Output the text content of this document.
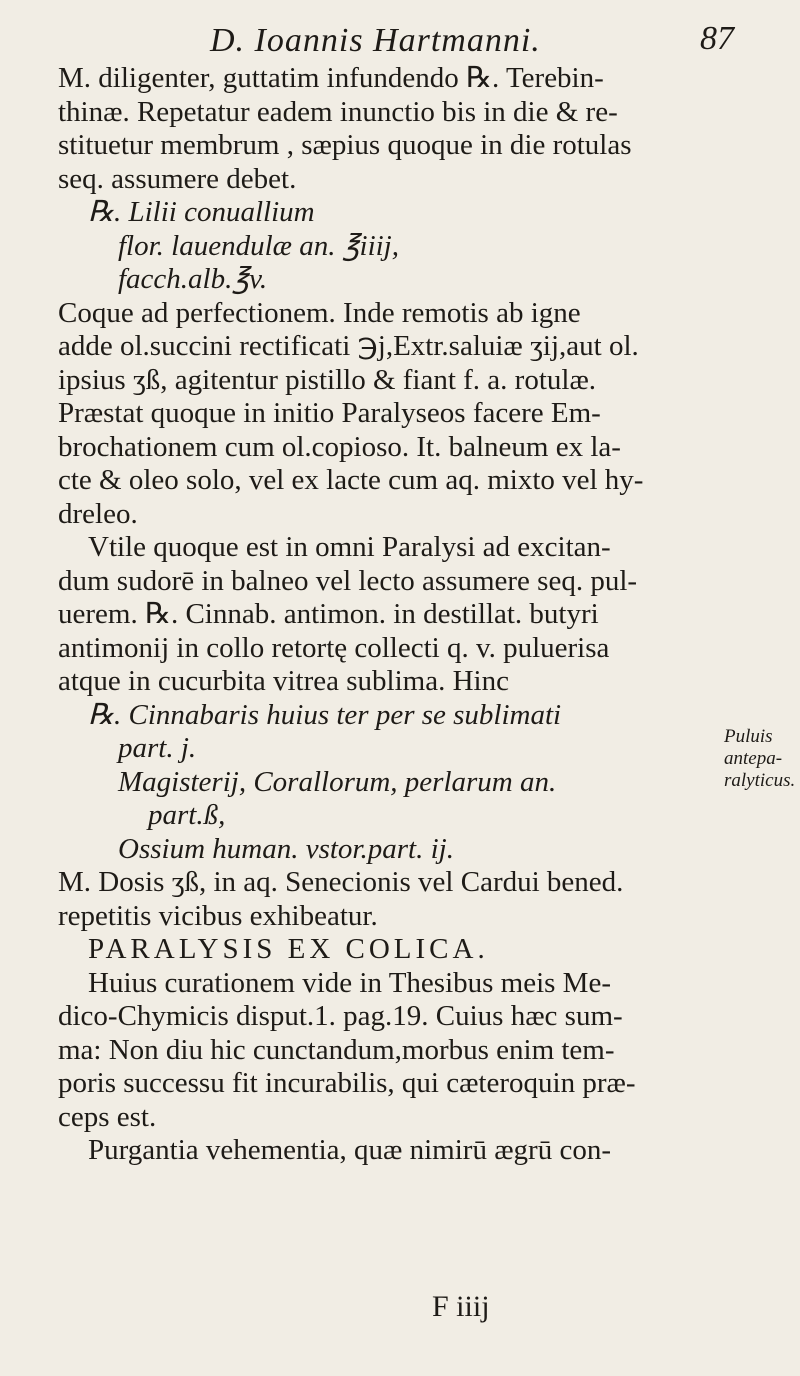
D. Ioannis Hartmanni.	87
M. diligenter, guttatim infundendo ℞. Terebin-
thinæ. Repetatur eadem inunctio bis in die & re-
stituetur membrum , sæpius quoque in die rotulas
seq. assumere debet.
℞. Lilii conuallium
flor. lauendulæ an. ℥iiij,
facch.alb.℥v.
Coque ad perfectionem. Inde remotis ab igne
adde ol.succini rectificati ℈j,Extr.saluiæ ʒij,aut ol.
ipsius ʒß, agitentur pistillo & fiant f. a. rotulæ.
Præstat quoque in initio Paralyseos facere Em-
brochationem cum ol.copioso. It. balneum ex la-
cte & oleo solo, vel ex lacte cum aq. mixto vel hy-
dreleo.
Vtile quoque est in omni Paralysi ad excitan-
dum sudorē in balneo vel lecto assumere seq. pul-
uerem. ℞. Cinnab. antimon. in destillat. butyri
antimonij in collo retortę collecti q. v. puluerisa
atque in cucurbita vitrea sublima. Hinc
℞. Cinnabaris huius ter per se sublimati
part. j.
Magisterij, Corallorum, perlarum an.
part.ß,
Ossium human. vstor.part. ij.
M. Dosis ʒß, in aq. Senecionis vel Cardui bened.
repetitis vicibus exhibeatur.
PARALYSIS EX COLICA.
Huius curationem vide in Thesibus meis Me-
dico-Chymicis disput.1. pag.19. Cuius hæc sum-
ma: Non diu hic cunctandum,morbus enim tem-
poris successu fit incurabilis, qui cæteroquin præ-
ceps est.
Purgantia vehementia, quæ nimirū ægrū con-
Puluis
antepa-
ralyticus.
F iiij
